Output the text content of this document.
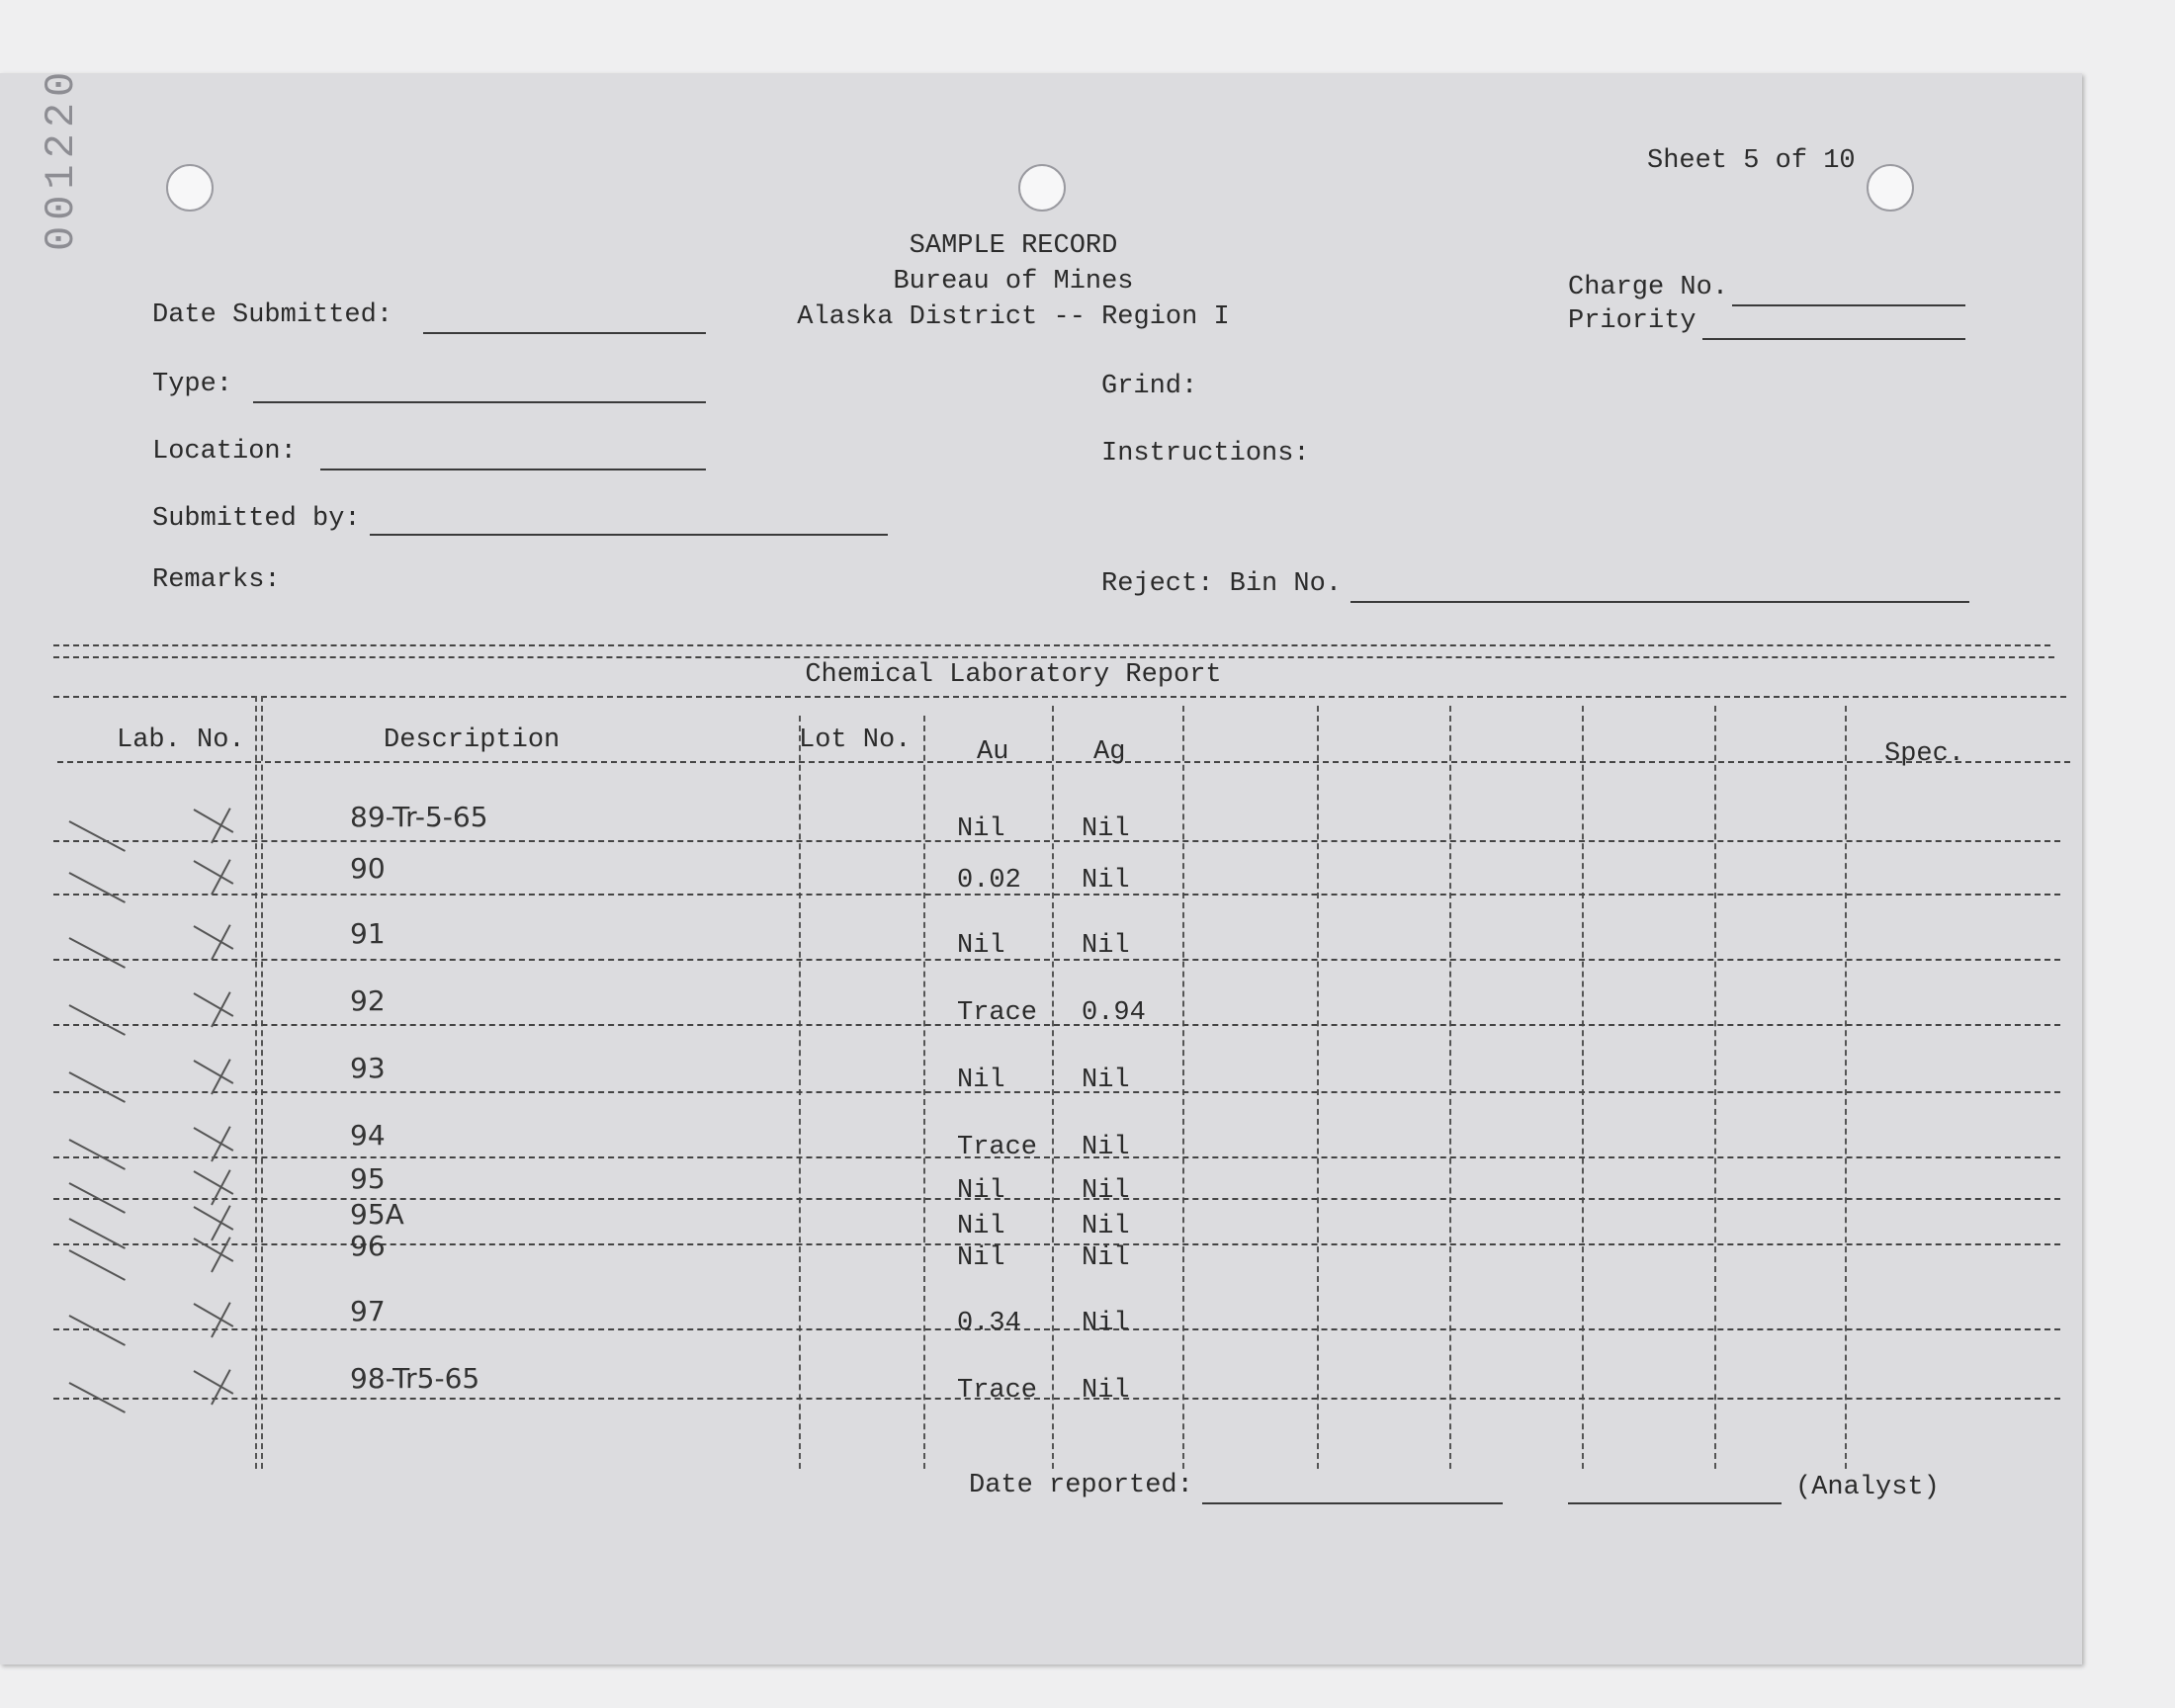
001220	Sheet 5 of 10
SAMPLE RECORD
Bureau of Mines
Alaska District -- Region I
Date Submitted:
Charge No.
Priority
Type:	Grind:
Location:	Instructions:
Submitted by:
Remarks:	Reject: Bin No.
Chemical Laboratory Report
Lab. No.	Description	Lot No. Au	Ag	Spec.
89-Tr-5-65	Nil	Nil
90	0.02 Nil
91	Nil	Nil
92	Trace 0.94
93	Nil	Nil
94	Trace Nil
95	Nil	Nil
95A	Nil	Nil
96	Nil	Nil
97	0.34 Nil
98-Tr5-65	Trace Nil
Date reported:	(Analyst)
